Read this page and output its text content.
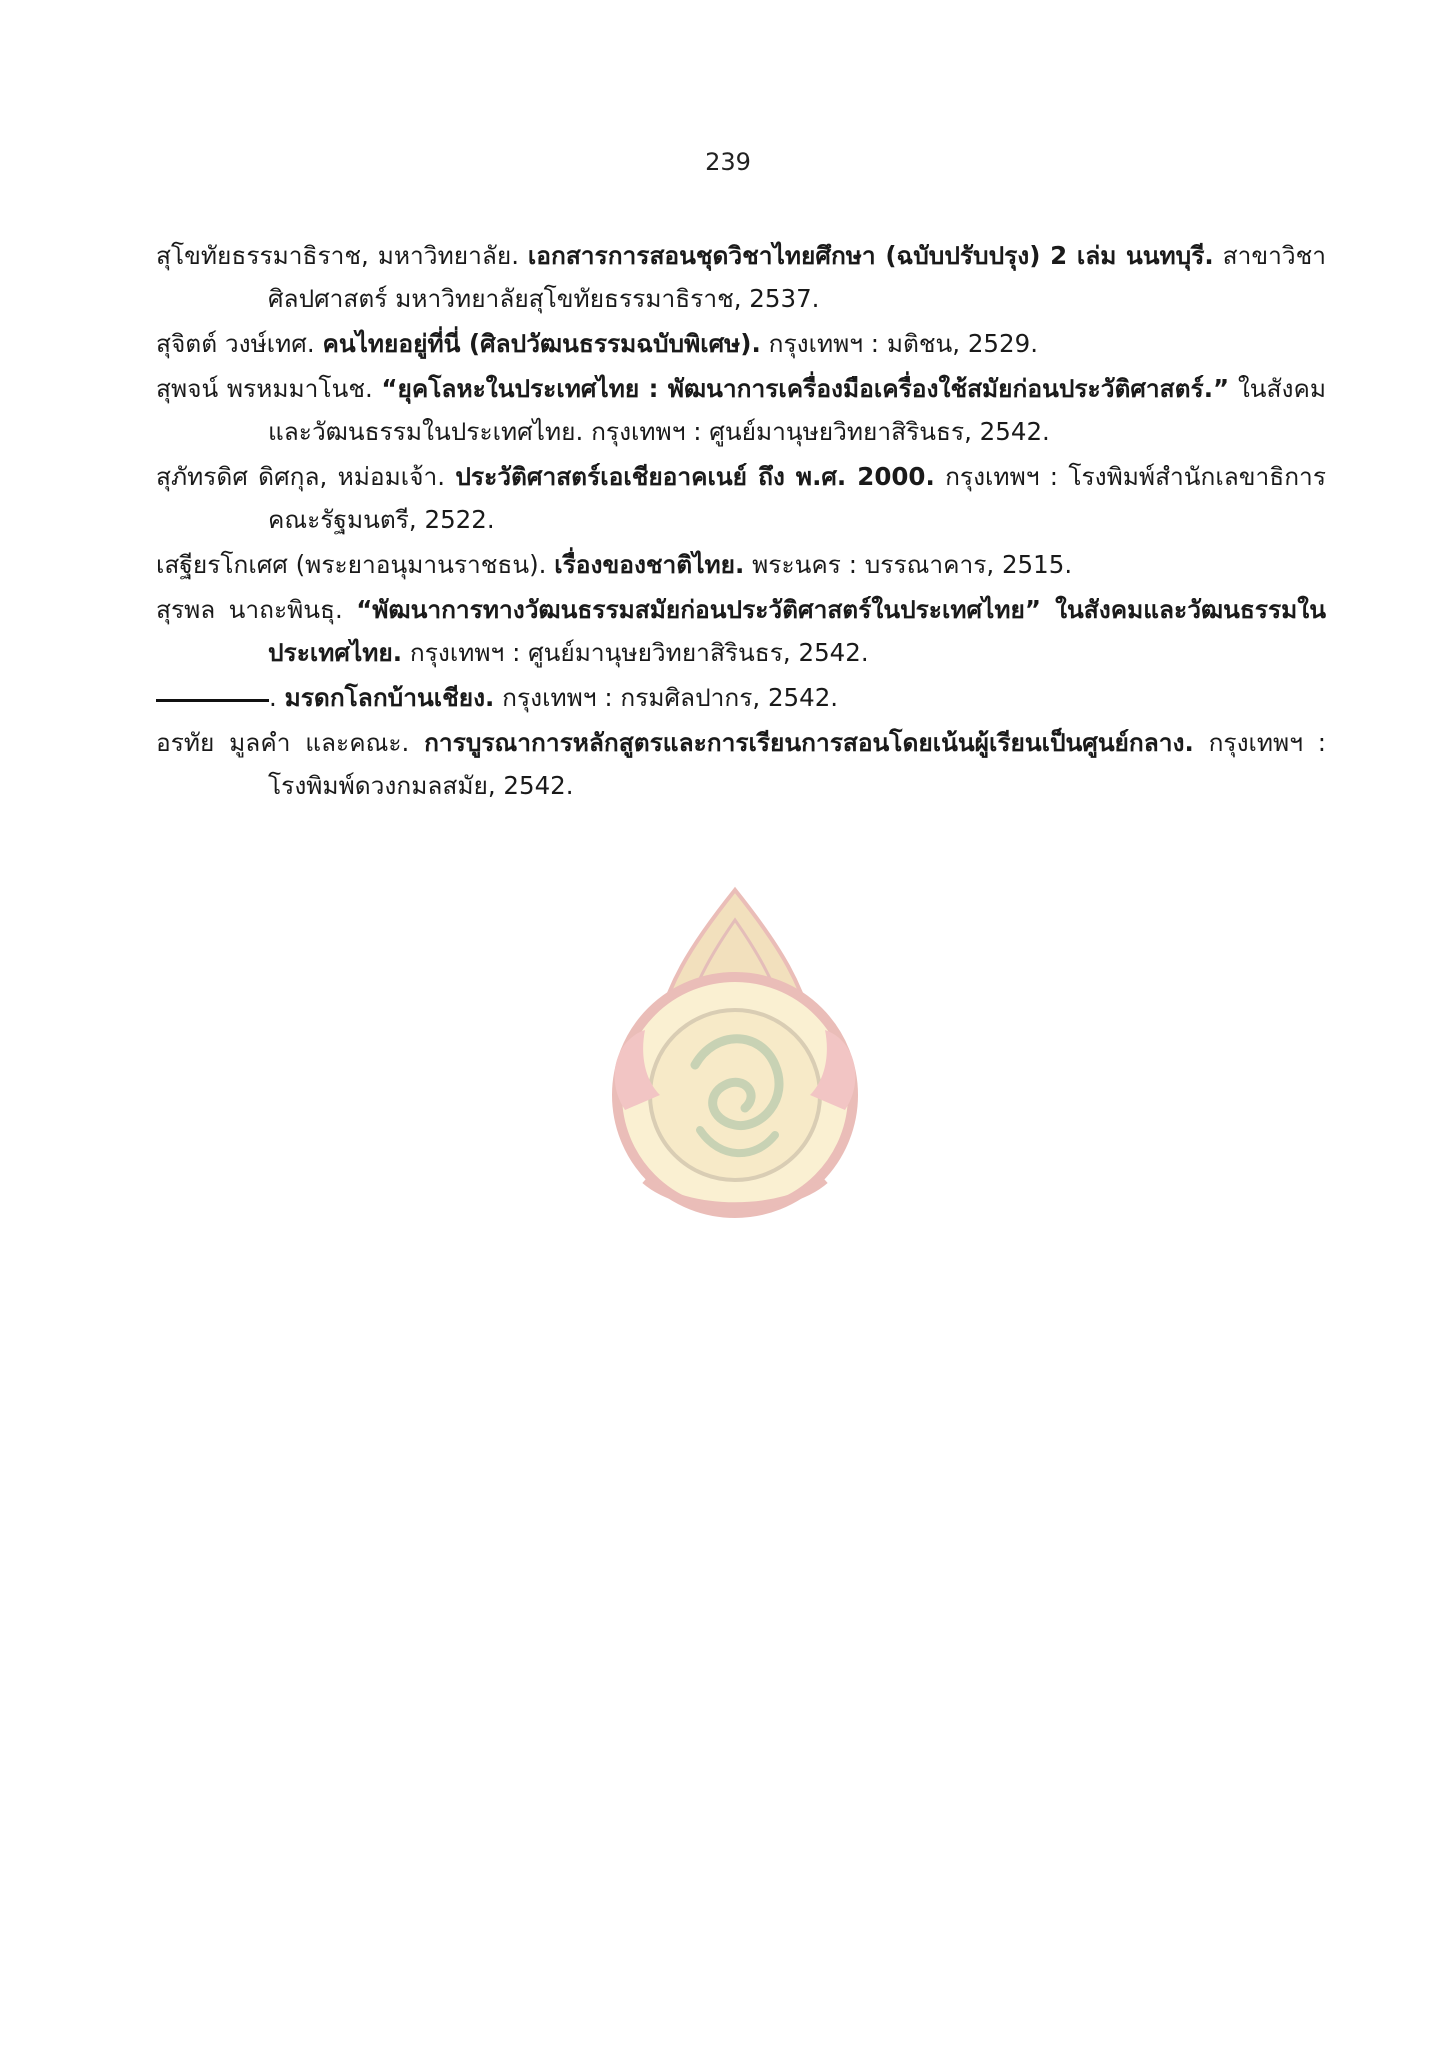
239

สุโขทัยธรรมาธิราช, มหาวิทยาลัย. เอกสารการสอนชุดวิชาไทยศึกษา (ฉบับปรับปรุง) 2 เล่ม นนทบุรี. สาขาวิชาศิลปศาสตร์ มหาวิทยาลัยสุโขทัยธรรมาธิราช, 2537.

สุจิตต์ วงษ์เทศ. คนไทยอยู่ที่นี่ (ศิลปวัฒนธรรมฉบับพิเศษ). กรุงเทพฯ : มติชน, 2529.

สุพจน์ พรหมมาโนช. “ยุคโลหะในประเทศไทย : พัฒนาการเครื่องมือเครื่องใช้สมัยก่อนประวัติศาสตร์.” ในสังคมและวัฒนธรรมในประเทศไทย. กรุงเทพฯ : ศูนย์มานุษยวิทยาสิรินธร, 2542.

สุภัทรดิศ ดิศกุล, หม่อมเจ้า. ประวัติศาสตร์เอเชียอาคเนย์ ถึง พ.ศ. 2000. กรุงเทพฯ : โรงพิมพ์สำนักเลขาธิการคณะรัฐมนตรี, 2522.

เสฐียรโกเศศ (พระยาอนุมานราชธน). เรื่องของชาติไทย. พระนคร : บรรณาคาร, 2515.

สุรพล นาถะพินธุ. “พัฒนาการทางวัฒนธรรมสมัยก่อนประวัติศาสตร์ในประเทศไทย” ในสังคมและวัฒนธรรมในประเทศไทย. กรุงเทพฯ : ศูนย์มานุษยวิทยาสิรินธร, 2542.

. มรดกโลกบ้านเชียง. กรุงเทพฯ : กรมศิลปากร, 2542.

อรทัย มูลคำ และคณะ. การบูรณาการหลักสูตรและการเรียนการสอนโดยเน้นผู้เรียนเป็นศูนย์กลาง. กรุงเทพฯ : โรงพิมพ์ดวงกมลสมัย, 2542.
